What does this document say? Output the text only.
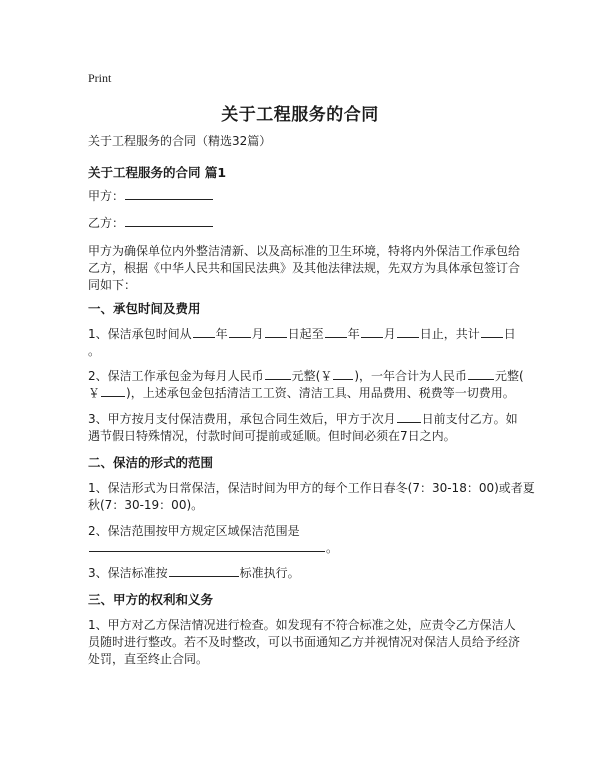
Print
关于工程服务的合同
关于工程服务的合同（精选32篇）
关于工程服务的合同 篇1
甲方：
乙方：
甲方为确保单位内外整洁清新、以及高标准的卫生环境，特将内外保洁工作承包给
乙方，根据《中华人民共和国民法典》及其他法律法规，先双方为具体承包签订合
同如下：
一、承包时间及费用
1、保洁承包时间从 年 月 日起至 年 月 日止，共计 日
。
2、保洁工作承包金为每月人民币 元整(￥ )，一年合计为人民币 元整(
￥ )，上述承包金包括清洁工工资、清洁工具、用品费用、税费等一切费用。
3、甲方按月支付保洁费用，承包合同生效后，甲方于次月 日前支付乙方。如
遇节假日特殊情况，付款时间可提前或延顺。但时间必须在7日之内。
二、保洁的形式的范围
1、保洁形式为日常保洁，保洁时间为甲方的每个工作日春冬(7：30-18：00)或者夏
秋(7：30-19：00)。
2、保洁范围按甲方规定区域保洁范围是
。
3、保洁标准按	标准执行。
三、甲方的权利和义务
1、甲方对乙方保洁情况进行检查。如发现有不符合标准之处，应责令乙方保洁人
员随时进行整改。若不及时整改，可以书面通知乙方并视情况对保洁人员给予经济
处罚，直至终止合同。
